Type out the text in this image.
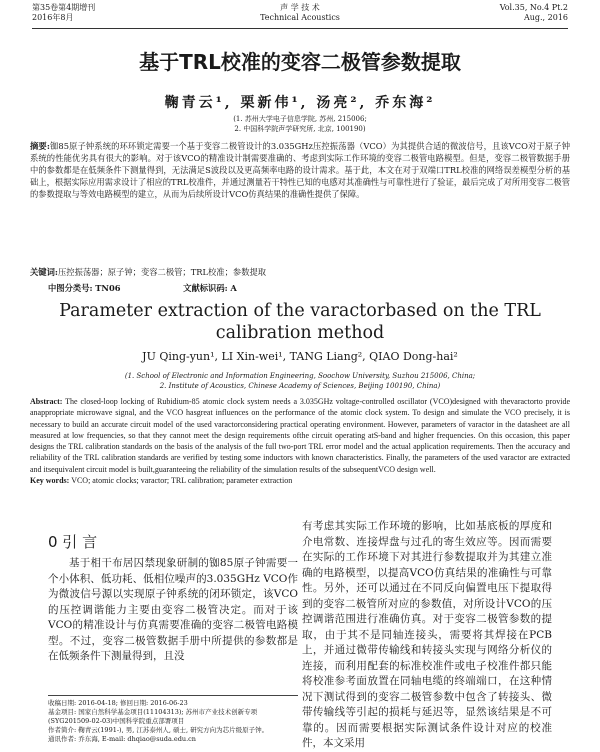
第35卷第4期增刊
2016年8月
声 学 技 术
Technical Acoustics
Vol.35, No.4 Pt.2
Aug., 2016
基于TRL校准的变容二极管参数提取
鞠青云¹, 栗新伟¹, 汤亮², 乔东海²
(1. 苏州大学电子信息学院, 苏州, 215006;
2. 中国科学院声学研究所, 北京, 100190)
摘要:铷85原子钟系统的环环锁定需要一个基于变容二极管设计的3.035GHz压控振荡器（VCO）为其提供合适的微波信号，且该VCO对于原子钟系统的性能优劣具有很大的影响。对于该VCO的精准设计制需要准确的、考虑到实际工作环境的变容二极管电路模型。但是，变容二极管数据手册中的参数都是在低频条件下测量得到，无法满足S波段以及更高频率电路的设计需求。基于此，本文在对于双端口TRL校准的网络误差模型分析的基础上，根据实际应用需求设计了相应的TRL校准件，并通过测量若干特性已知的电感对其准确性与可靠性进行了验证，最后完成了对所用变容二极管的参数提取与等效电路模型的建立，从而为后续所设计VCO仿真结果的准确性提供了保障。
关键词:压控振荡器；原子钟；变容二极管；TRL校准；参数提取
中图分类号: TN06	文献标识码: A
Parameter extraction of the varactorbased on the TRL
calibration method
JU Qing-yun¹, LI Xin-wei¹, TANG Liang², QIAO Dong-hai²
(1. School of Electronic and Information Engineering, Soochow University, Suzhou 215006, China;
2. Institute of Acoustics, Chinese Academy of Sciences, Beijing 100190, China)
Abstract: The closed-loop locking of Rubidium-85 atomic clock system needs a 3.035GHz voltage-controlled oscillator (VCO)designed with thevaractorto provide anappropriate microwave signal, and the VCO hasgreat influences on the performance of the atomic clock system. To design and simulate the VCO precisely, it is necessary to build an accurate circuit model of the used varactorconsidering practical operating environment. However, parameters of varactor in the datasheet are all measured at low frequencies, so that they cannot meet the design requirements ofthe circuit operating atS-band and higher frequencies. On this occasion, this paper designs the TRL calibration standards on the basis of the analysis of the full two-port TRL error model and the actual application requirements. Then the accuracy and reliability of the TRL calibration standards are verified by testing some inductors with known characteristics. Finally, the parameters of the used varactor are extracted and itsequivalent circuit model is built,guaranteeing the reliability of the simulation results of the subsequentVCO design well.
Key words: VCO; atomic clocks; varactor; TRL calibration; parameter extraction
0 引 言
基于相干布居囚禁现象研制的铷85原子钟需要一个小体积、低功耗、低相位噪声的3.035GHz VCO作为微波信号源以实现原子钟系统的闭环锁定，该VCO的压控调谐能力主要由变容二极管决定。而对于该VCO的精准设计与仿真需要准确的变容二极管电路模型。不过，变容二极管数据手册中所提供的参数都是在低频条件下测量得到，且没
有考虑其实际工作环境的影响，比如基底板的厚度和介电常数、连接焊盘与过孔的寄生效应等。因而需要在实际的工作环境下对其进行参数提取并为其建立准确的电路模型，以提高VCO仿真结果的准确性与可靠性。另外，还可以通过在不同反向偏置电压下提取得到的变容二极管所对应的参数值，对所设计VCO的压控调谐范围进行准确仿真。对于变容二极管参数的提取，由于其不是同轴连接头，需要将其焊接在PCB上，并通过微带传输线和转接头实现与网络分析仪的连接，而利用配套的标准校准件或电子校准件都只能将校准参考面放置在同轴电缆的终端端口，在这种情况下测试得到的变容二极管参数中包含了转接头、微带传输线等引起的损耗与延迟等，显然该结果是不可靠的。因而需要根据实际测试条件设计对应的校准件，本文采用
收稿日期: 2016-04-18; 修回日期: 2016-06-23
基金项目: 国家自然科学基金项目(11104313); 苏州市产业技术创新专项(SYG201509-02-03)中国科学院重点部署项目
作者简介: 鞠青云(1991-), 男, 江苏泰州人, 硕士, 研究方向为芯片级原子钟。
通讯作者: 乔东海, E-mail: dhqiao@suda.edu.cn
